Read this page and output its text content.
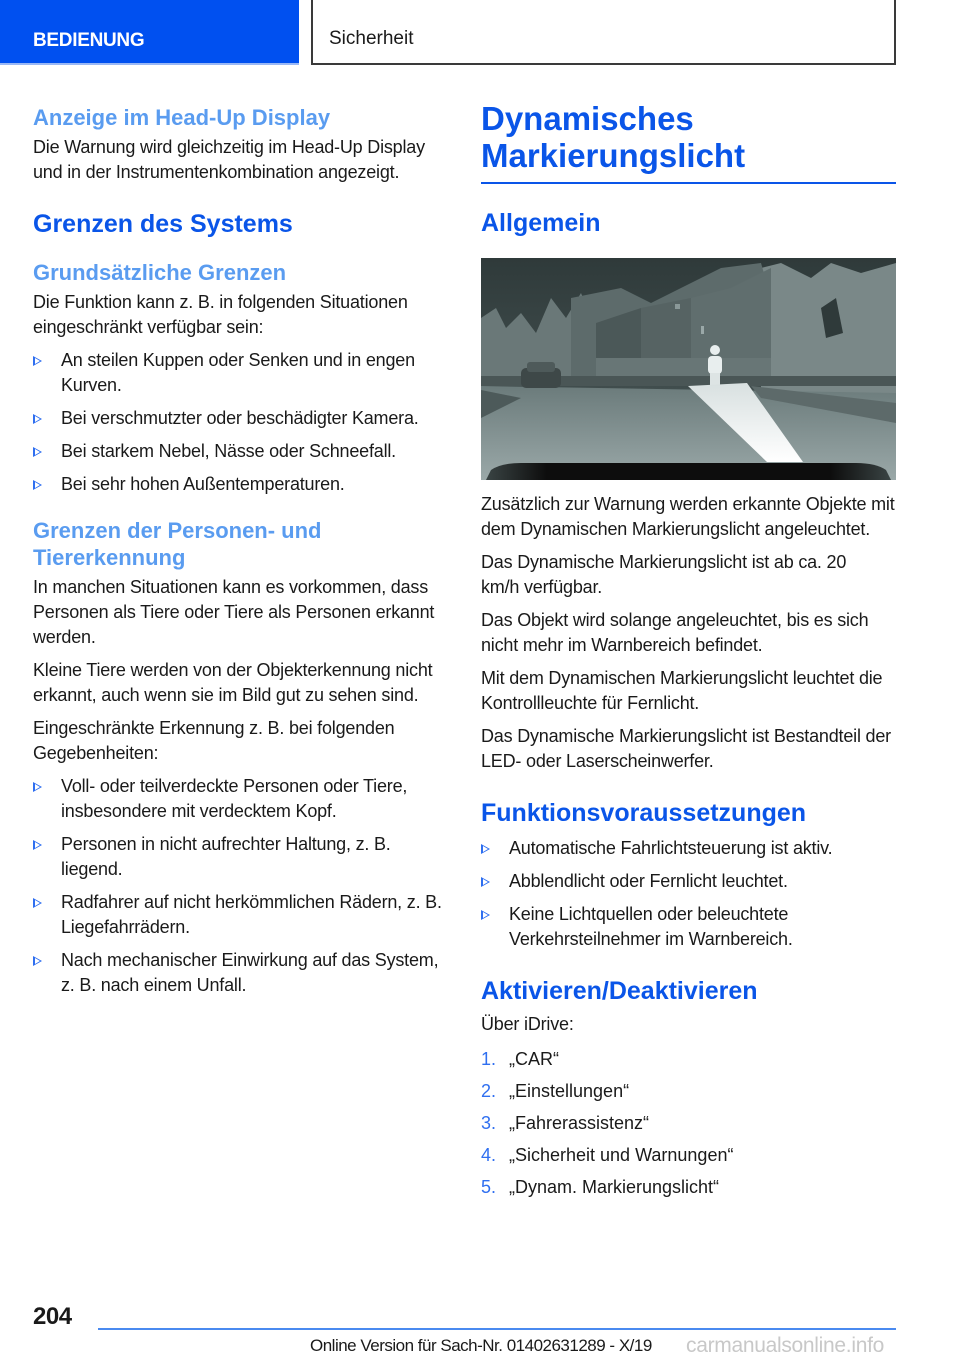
BEDIENUNG	Sicherheit
Anzeige im Head-Up Display
Die Warnung wird gleichzeitig im Head-Up Display und in der Instrumentenkombination angezeigt.
Grenzen des Systems
Grundsätzliche Grenzen
Die Funktion kann z. B. in folgenden Situationen eingeschränkt verfügbar sein:
An steilen Kuppen oder Senken und in engen Kurven.
Bei verschmutzter oder beschädigter Kamera.
Bei starkem Nebel, Nässe oder Schneefall.
Bei sehr hohen Außentemperaturen.
Grenzen der Personen- und Tiererkennung
In manchen Situationen kann es vorkommen, dass Personen als Tiere oder Tiere als Personen erkannt werden.
Kleine Tiere werden von der Objekterkennung nicht erkannt, auch wenn sie im Bild gut zu sehen sind.
Eingeschränkte Erkennung z. B. bei folgenden Gegebenheiten:
Voll- oder teilverdeckte Personen oder Tiere, insbesondere mit verdecktem Kopf.
Personen in nicht aufrechter Haltung, z. B. liegend.
Radfahrer auf nicht herkömmlichen Rädern, z. B. Liegefahrrädern.
Nach mechanischer Einwirkung auf das System, z. B. nach einem Unfall.
Dynamisches Markierungslicht
Allgemein
Zusätzlich zur Warnung werden erkannte Objekte mit dem Dynamischen Markierungslicht angeleuchtet.
Das Dynamische Markierungslicht ist ab ca. 20 km/h verfügbar.
Das Objekt wird solange angeleuchtet, bis es sich nicht mehr im Warnbereich befindet.
Mit dem Dynamischen Markierungslicht leuchtet die Kontrollleuchte für Fernlicht.
Das Dynamische Markierungslicht ist Bestandteil der LED- oder Laserscheinwerfer.
Funktionsvoraussetzungen
Automatische Fahrlichtsteuerung ist aktiv.
Abblendlicht oder Fernlicht leuchtet.
Keine Lichtquellen oder beleuchtete Verkehrsteilnehmer im Warnbereich.
Aktivieren/Deaktivieren
Über iDrive:
1. „CAR“
2. „Einstellungen“
3. „Fahrerassistenz“
4. „Sicherheit und Warnungen“
5. „Dynam. Markierungslicht“
204
Online Version für Sach-Nr. 01402631289 - X/19 carmanualsonline.info
